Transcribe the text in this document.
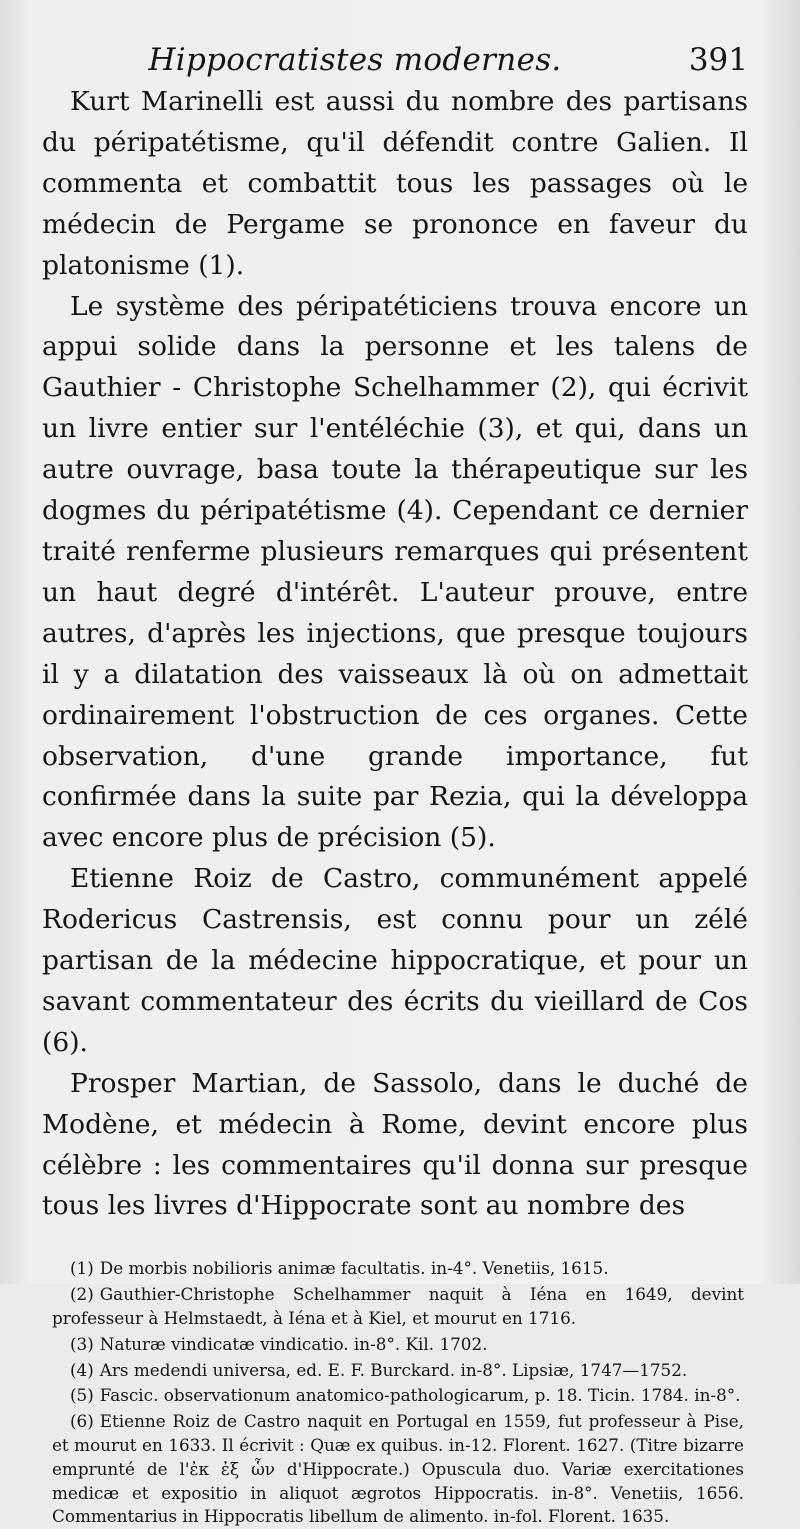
Hippocratistes modernes.	391

Kurt Marinelli est aussi du nombre des partisans du péripatétisme, qu'il défendit contre Galien. Il commenta et combattit tous les passages où le médecin de Pergame se prononce en faveur du platonisme (1).

Le système des péripatéticiens trouva encore un appui solide dans la personne et les talens de Gauthier - Christophe Schelhammer (2), qui écrivit un livre entier sur l'entéléchie (3), et qui, dans un autre ouvrage, basa toute la thérapeutique sur les dogmes du péripatétisme (4). Cependant ce dernier traité renferme plusieurs remarques qui présentent un haut degré d'intérêt. L'auteur prouve, entre autres, d'après les injections, que presque toujours il y a dilatation des vaisseaux là où on admettait ordinairement l'obstruction de ces organes. Cette observation, d'une grande importance, fut confirmée dans la suite par Rezia, qui la développa avec encore plus de précision (5).

Etienne Roiz de Castro, communément appelé Rodericus Castrensis, est connu pour un zélé partisan de la médecine hippocratique, et pour un savant commentateur des écrits du vieillard de Cos (6).

Prosper Martian, de Sassolo, dans le duché de Modène, et médecin à Rome, devint encore plus célèbre : les commentaires qu'il donna sur presque tous les livres d'Hippocrate sont au nombre des

(1) De morbis nobilioris animæ facultatis. in-4°. Venetiis, 1615.

(2) Gauthier-Christophe Schelhammer naquit à Iéna en 1649, devint professeur à Helmstaedt, à Iéna et à Kiel, et mourut en 1716.

(3) Naturæ vindicatæ vindicatio. in-8°. Kil. 1702.

(4) Ars medendi universa, ed. E. F. Burckard. in-8°. Lipsiæ, 1747—1752.

(5) Fascic. observationum anatomico-pathologicarum, p. 18. Ticin. 1784. in-8°.

(6) Etienne Roiz de Castro naquit en Portugal en 1559, fut professeur à Pise, et mourut en 1633. Il écrivit : Quæ ex quibus. in-12. Florent. 1627. (Titre bizarre emprunté de l'ἐκ ἐξ ὧν d'Hippocrate.) Opuscula duo. Variæ exercitationes medicæ et expositio in aliquot ægrotos Hippocratis. in-8°. Venetiis, 1656. Commentarius in Hippocratis libellum de alimento. in-fol. Florent. 1635.
